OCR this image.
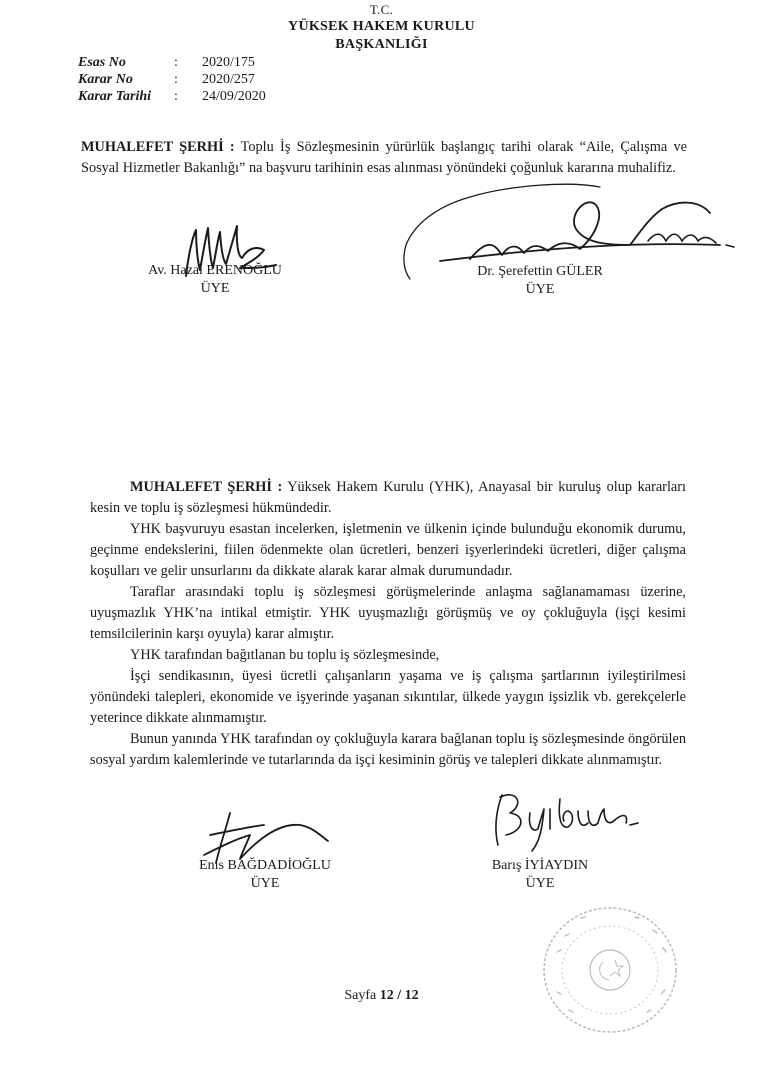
T.C.
YÜKSEK HAKEM KURULU
BAŞKANLIĞI
Esas No	: 2020/175
Karar No	: 2020/257
Karar Tarihi : 24/09/2020
MUHALEFET ŞERHİ : Toplu İş Sözleşmesinin yürürlük başlangıç tarihi olarak “Aile, Çalışma ve Sosyal Hizmetler Bakanlığı” na başvuru tarihinin esas alınması yönündeki çoğunluk kararına muhalifiz.
Av. Hazal ERENOĞLU
ÜYE
Dr. Şerefettin GÜLER
ÜYE
MUHALEFET ŞERHİ : Yüksek Hakem Kurulu (YHK), Anayasal bir kuruluş olup kararları kesin ve toplu iş sözleşmesi hükmündedir.
YHK başvuruyu esastan incelerken, işletmenin ve ülkenin içinde bulunduğu ekonomik durumu, geçinme endekslerini, fiilen ödenmekte olan ücretleri, benzeri işyerlerindeki ücretleri, diğer çalışma koşulları ve gelir unsurlarını da dikkate alarak karar almak durumundadır.
Taraflar arasındaki toplu iş sözleşmesi görüşmelerinde anlaşma sağlanamaması üzerine, uyuşmazlık YHK’na intikal etmiştir. YHK uyuşmazlığı görüşmüş ve oy çokluğuyla (işçi kesimi temsilcilerinin karşı oyuyla) karar almıştır.
YHK tarafından bağıtlanan bu toplu iş sözleşmesinde,
İşçi sendikasının, üyesi ücretli çalışanların yaşama ve iş çalışma şartlarının iyileştirilmesi yönündeki talepleri, ekonomide ve işyerinde yaşanan sıkıntılar, ülkede yaygın işsizlik vb. gerekçelerle yeterince dikkate alınmamıştır.
Bunun yanında YHK tarafından oy çokluğuyla karara bağlanan toplu iş sözleşmesinde öngörülen sosyal yardım kalemlerinde ve tutarlarında da işçi kesiminin görüş ve talepleri dikkate alınmamıştır.
Enis BAĞDADİOĞLU
ÜYE
Barış İYİAYDIN
ÜYE
Sayfa 12 / 12
